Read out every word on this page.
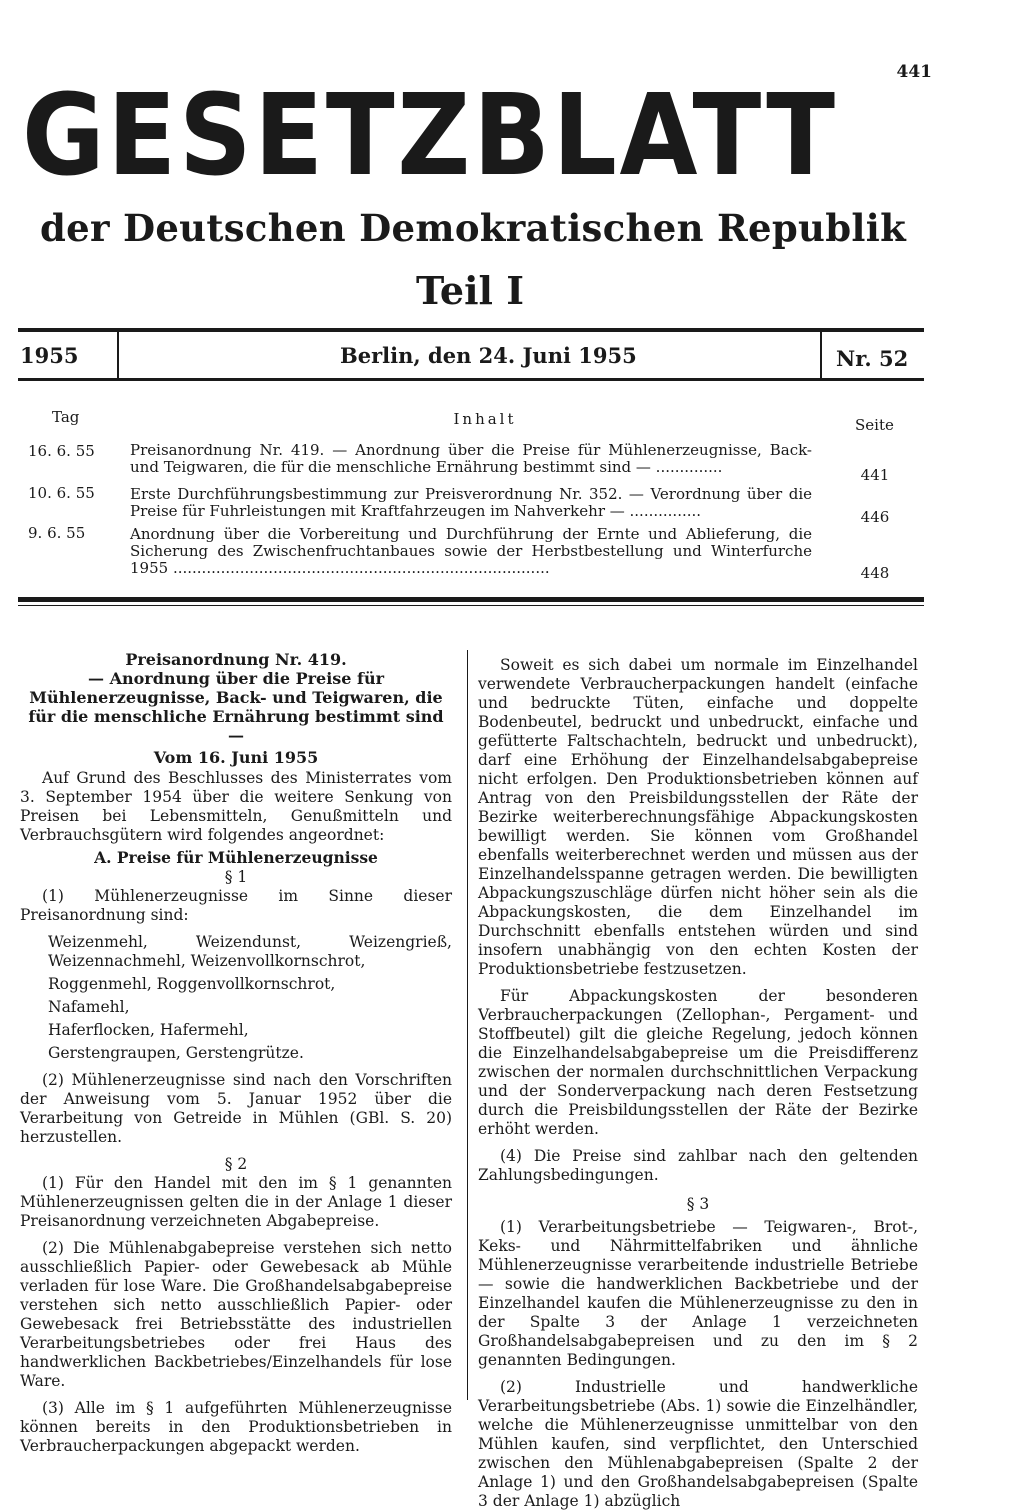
441
GESETZBLATT
der Deutschen Demokratischen Republik
Teil I
1955	Berlin, den 24. Juni 1955	Nr. 52
Tag	Inhalt	Seite
16. 6. 55 Preisanordnung Nr. 419. — Anordnung über die Preise für Mühlenerzeugnisse, Back- und Teigwaren, die für die menschliche Ernährung bestimmt sind — ..............	441
10. 6. 55 Erste Durchführungsbestimmung zur Preisverordnung Nr. 352. — Verordnung über die Preise für Fuhrleistungen mit Kraftfahrzeugen im Nahverkehr — ...............	446
9. 6. 55	Anordnung über die Vorbereitung und Durchführung der Ernte und Ablieferung, die Sicherung des Zwischenfruchtanbaues sowie der Herbstbestellung und Winterfurche 1955 ...............................................................................	448

Preisanordnung Nr. 419.

— Anordnung über die Preise für Mühlenerzeugnisse, Back- und Teigwaren, die für die menschliche Ernährung bestimmt sind —

Vom 16. Juni 1955

Auf Grund des Beschlusses des Ministerrates vom 3. September 1954 über die weitere Senkung von Preisen bei Lebensmitteln, Genußmitteln und Verbrauchsgütern wird folgendes angeordnet:

A. Preise für Mühlenerzeugnisse

§ 1

(1) Mühlenerzeugnisse im Sinne dieser Preisanordnung sind:

Weizenmehl, Weizendunst, Weizengrieß, Weizennachmehl, Weizenvollkornschrot,
Roggenmehl, Roggenvollkornschrot,
Nafamehl,
Haferflocken, Hafermehl,
Gerstengraupen, Gerstengrütze.

(2) Mühlenerzeugnisse sind nach den Vorschriften der Anweisung vom 5. Januar 1952 über die Verarbeitung von Getreide in Mühlen (GBl. S. 20) herzustellen.

§ 2

(1) Für den Handel mit den im § 1 genannten Mühlenerzeugnissen gelten die in der Anlage 1 dieser Preisanordnung verzeichneten Abgabepreise.

(2) Die Mühlenabgabepreise verstehen sich netto ausschließlich Papier- oder Gewebesack ab Mühle verladen für lose Ware. Die Großhandelsabgabepreise verstehen sich netto ausschließlich Papier- oder Gewebesack frei Betriebsstätte des industriellen Verarbeitungsbetriebes oder frei Haus des handwerklichen Backbetriebes/Einzelhandels für lose Ware.

(3) Alle im § 1 aufgeführten Mühlenerzeugnisse können bereits in den Produktionsbetrieben in Verbraucherpackungen abgepackt werden.

Soweit es sich dabei um normale im Einzelhandel verwendete Verbraucherpackungen handelt (einfache und bedruckte Tüten, einfache und doppelte Bodenbeutel, bedruckt und unbedruckt, einfache und gefütterte Faltschachteln, bedruckt und unbedruckt), darf eine Erhöhung der Einzelhandelsabgabepreise nicht erfolgen. Den Produktionsbetrieben können auf Antrag von den Preisbildungsstellen der Räte der Bezirke weiterberechnungsfähige Abpackungskosten bewilligt werden. Sie können vom Großhandel ebenfalls weiterberechnet werden und müssen aus der Einzelhandelsspanne getragen werden. Die bewilligten Abpackungszuschläge dürfen nicht höher sein als die Abpackungskosten, die dem Einzelhandel im Durchschnitt ebenfalls entstehen würden und sind insofern unabhängig von den echten Kosten der Produktionsbetriebe festzusetzen.

Für Abpackungskosten der besonderen Verbraucherpackungen (Zellophan-, Pergament- und Stoffbeutel) gilt die gleiche Regelung, jedoch können die Einzelhandelsabgabepreise um die Preisdifferenz zwischen der normalen durchschnittlichen Verpackung und der Sonderverpackung nach deren Festsetzung durch die Preisbildungsstellen der Räte der Bezirke erhöht werden.

(4) Die Preise sind zahlbar nach den geltenden Zahlungsbedingungen.

§ 3

(1) Verarbeitungsbetriebe — Teigwaren-, Brot-, Keks- und Nährmittelfabriken und ähnliche Mühlenerzeugnisse verarbeitende industrielle Betriebe — sowie die handwerklichen Backbetriebe und der Einzelhandel kaufen die Mühlenerzeugnisse zu den in der Spalte 3 der Anlage 1 verzeichneten Großhandelsabgabepreisen und zu den im § 2 genannten Bedingungen.

(2) Industrielle und handwerkliche Verarbeitungsbetriebe (Abs. 1) sowie die Einzelhändler, welche die Mühlenerzeugnisse unmittelbar von den Mühlen kaufen, sind verpflichtet, den Unterschied zwischen den Mühlenabgabepreisen (Spalte 2 der Anlage 1) und den Großhandelsabgabepreisen (Spalte 3 der Anlage 1) abzüglich
